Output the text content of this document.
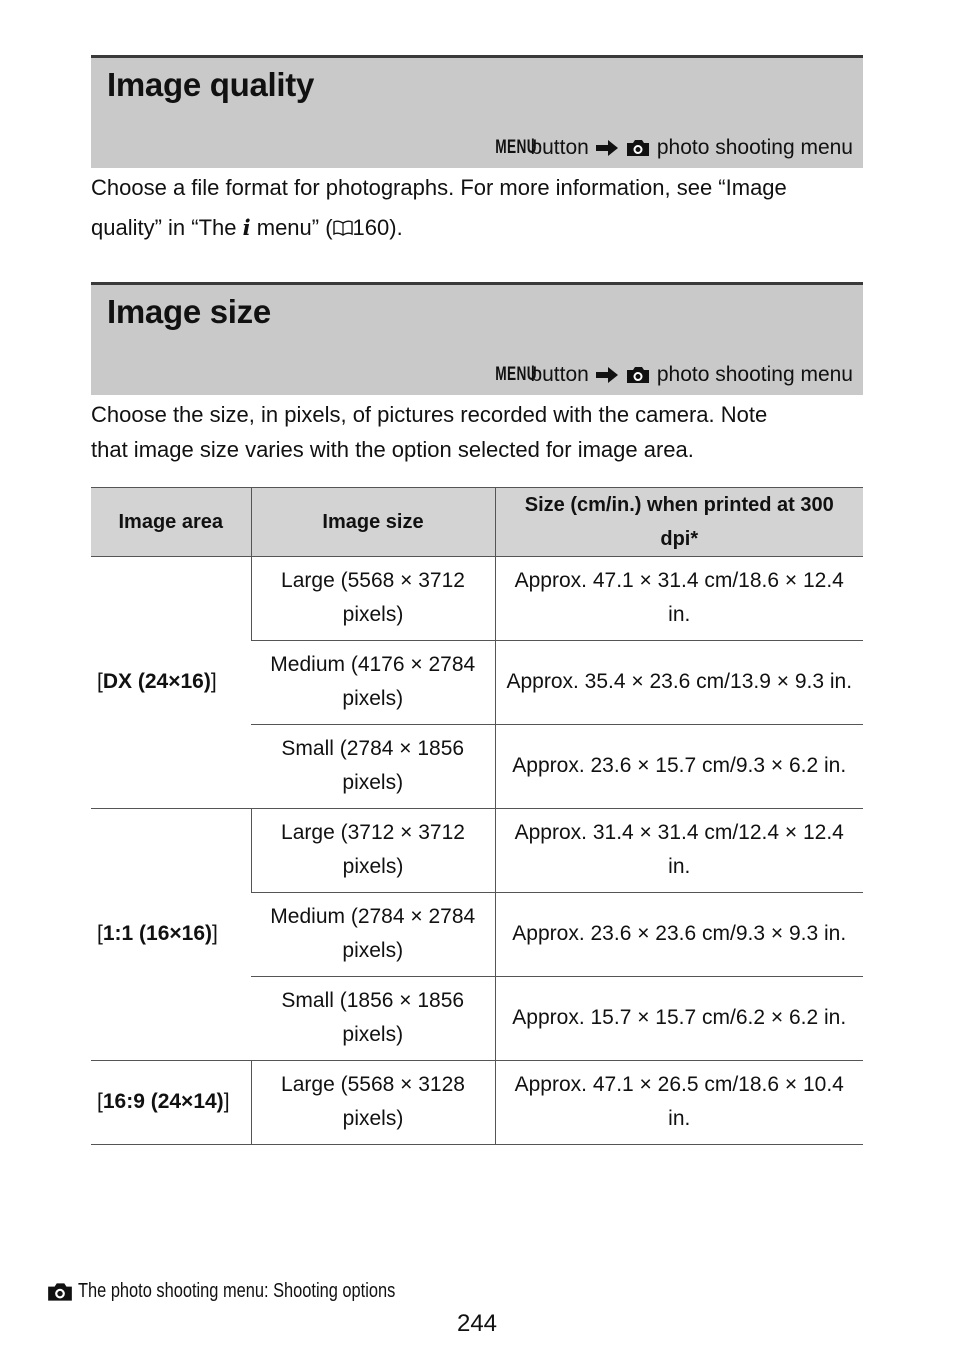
Image quality
MENU
button	photo shooting menu

Choose a file format for photographs. For more information, see “Image
quality” in “The i menu” ( 160).

Image size
MENU
button	photo shooting menu

Choose the size, in pixels, of pictures recorded with the camera. Note
that image size varies with the option selected for image area.

Image area	Image size	Size (cm/in.) when printed at 300 dpi*
[DX (24×16)]	Large (5568 × 3712 pixels)	Approx. 47.1 × 31.4 cm/18.6 × 12.4 in.
	Medium (4176 × 2784 pixels)	Approx. 35.4 × 23.6 cm/13.9 × 9.3 in.
	Small (2784 × 1856 pixels)	Approx. 23.6 × 15.7 cm/9.3 × 6.2 in.
[1:1 (16×16)]	Large (3712 × 3712 pixels)	Approx. 31.4 × 31.4 cm/12.4 × 12.4 in.
	Medium (2784 × 2784 pixels)	Approx. 23.6 × 23.6 cm/9.3 × 9.3 in.
	Small (1856 × 1856 pixels)	Approx. 15.7 × 15.7 cm/6.2 × 6.2 in.
[16:9 (24×14)]	Large (5568 × 3128 pixels)	Approx. 47.1 × 26.5 cm/18.6 × 10.4 in.
The photo shooting menu: Shooting options
244
